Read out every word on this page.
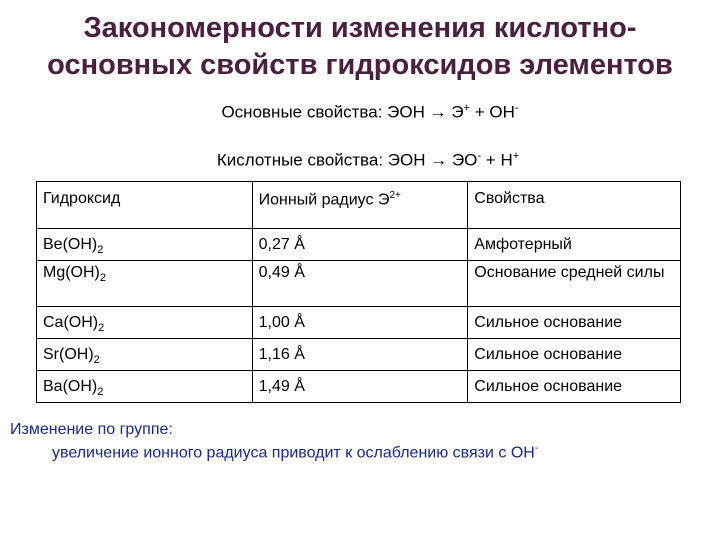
Закономерности изменения кислотно-
основных свойств гидроксидов элементов
Основные свойства: ЭОН → Э+ + ОН-
Кислотные свойства: ЭОН → ЭО- + Н+
Гидроксид	Ионный радиус $Э^{2+}$	Свойства
$Be(OH)_2$	0,27 Å	Амфотерный
$Mg(OH)_2$	0,49 Å	Основание средней силы
$Ca(OH)_2$	1,00 Å	Сильное основание
$Sr(OH)_2$	1,16 Å	Сильное основание
$Ba(OH)_2$	1,49 Å	Сильное основание
Изменение по группе:
увеличение ионного радиуса приводит к ослаблению связи с ОН-
